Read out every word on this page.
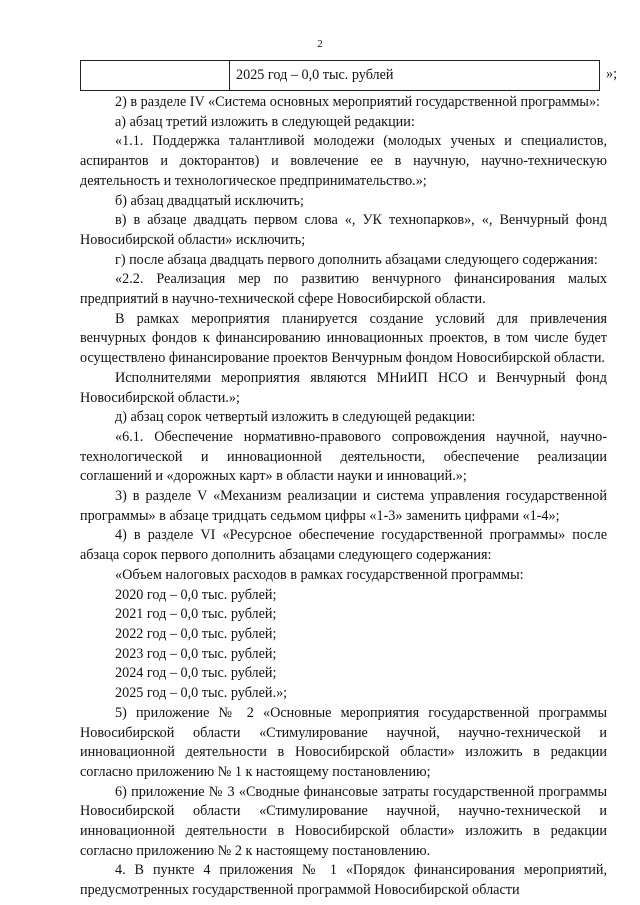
2
2025 год – 0,0 тыс. рублей	»;

2) в разделе IV «Система основных мероприятий государственной программы»:

а) абзац третий изложить в следующей редакции:

«1.1. Поддержка талантливой молодежи (молодых ученых и специалистов, аспирантов и докторантов) и вовлечение ее в научную, научно-техническую деятельность и технологическое предпринимательство.»;

б) абзац двадцатый исключить;

в) в абзаце двадцать первом слова «, УК технопарков», «, Венчурный фонд Новосибирской области» исключить;

г) после абзаца двадцать первого дополнить абзацами следующего содержания:

«2.2. Реализация мер по развитию венчурного финансирования малых предприятий в научно-технической сфере Новосибирской области.

В рамках мероприятия планируется создание условий для привлечения венчурных фондов к финансированию инновационных проектов, в том числе будет осуществлено финансирование проектов Венчурным фондом Новосибирской области.

Исполнителями мероприятия являются МНиИП НСО и Венчурный фонд Новосибирской области.»;

д) абзац сорок четвертый изложить в следующей редакции:

«6.1. Обеспечение нормативно-правового сопровождения научной, научно-технологической и инновационной деятельности, обеспечение реализации соглашений и «дорожных карт» в области науки и инноваций.»;

3) в разделе V «Механизм реализации и система управления государственной программы» в абзаце тридцать седьмом цифры «1-3» заменить цифрами «1-4»;

4) в разделе VI «Ресурсное обеспечение государственной программы» после абзаца сорок первого дополнить абзацами следующего содержания:

«Объем налоговых расходов в рамках государственной программы:

2020 год – 0,0 тыс. рублей;

2021 год – 0,0 тыс. рублей;

2022 год – 0,0 тыс. рублей;

2023 год – 0,0 тыс. рублей;

2024 год – 0,0 тыс. рублей;

2025 год – 0,0 тыс. рублей.»;

5) приложение № 2 «Основные мероприятия государственной программы Новосибирской области «Стимулирование научной, научно-технической и инновационной деятельности в Новосибирской области» изложить в редакции согласно приложению № 1 к настоящему постановлению;

6) приложение № 3 «Сводные финансовые затраты государственной программы Новосибирской области «Стимулирование научной, научно-технической и инновационной деятельности в Новосибирской области» изложить в редакции согласно приложению № 2 к настоящему постановлению.

4. В пункте 4 приложения № 1 «Порядок финансирования мероприятий, предусмотренных государственной программой Новосибирской области
